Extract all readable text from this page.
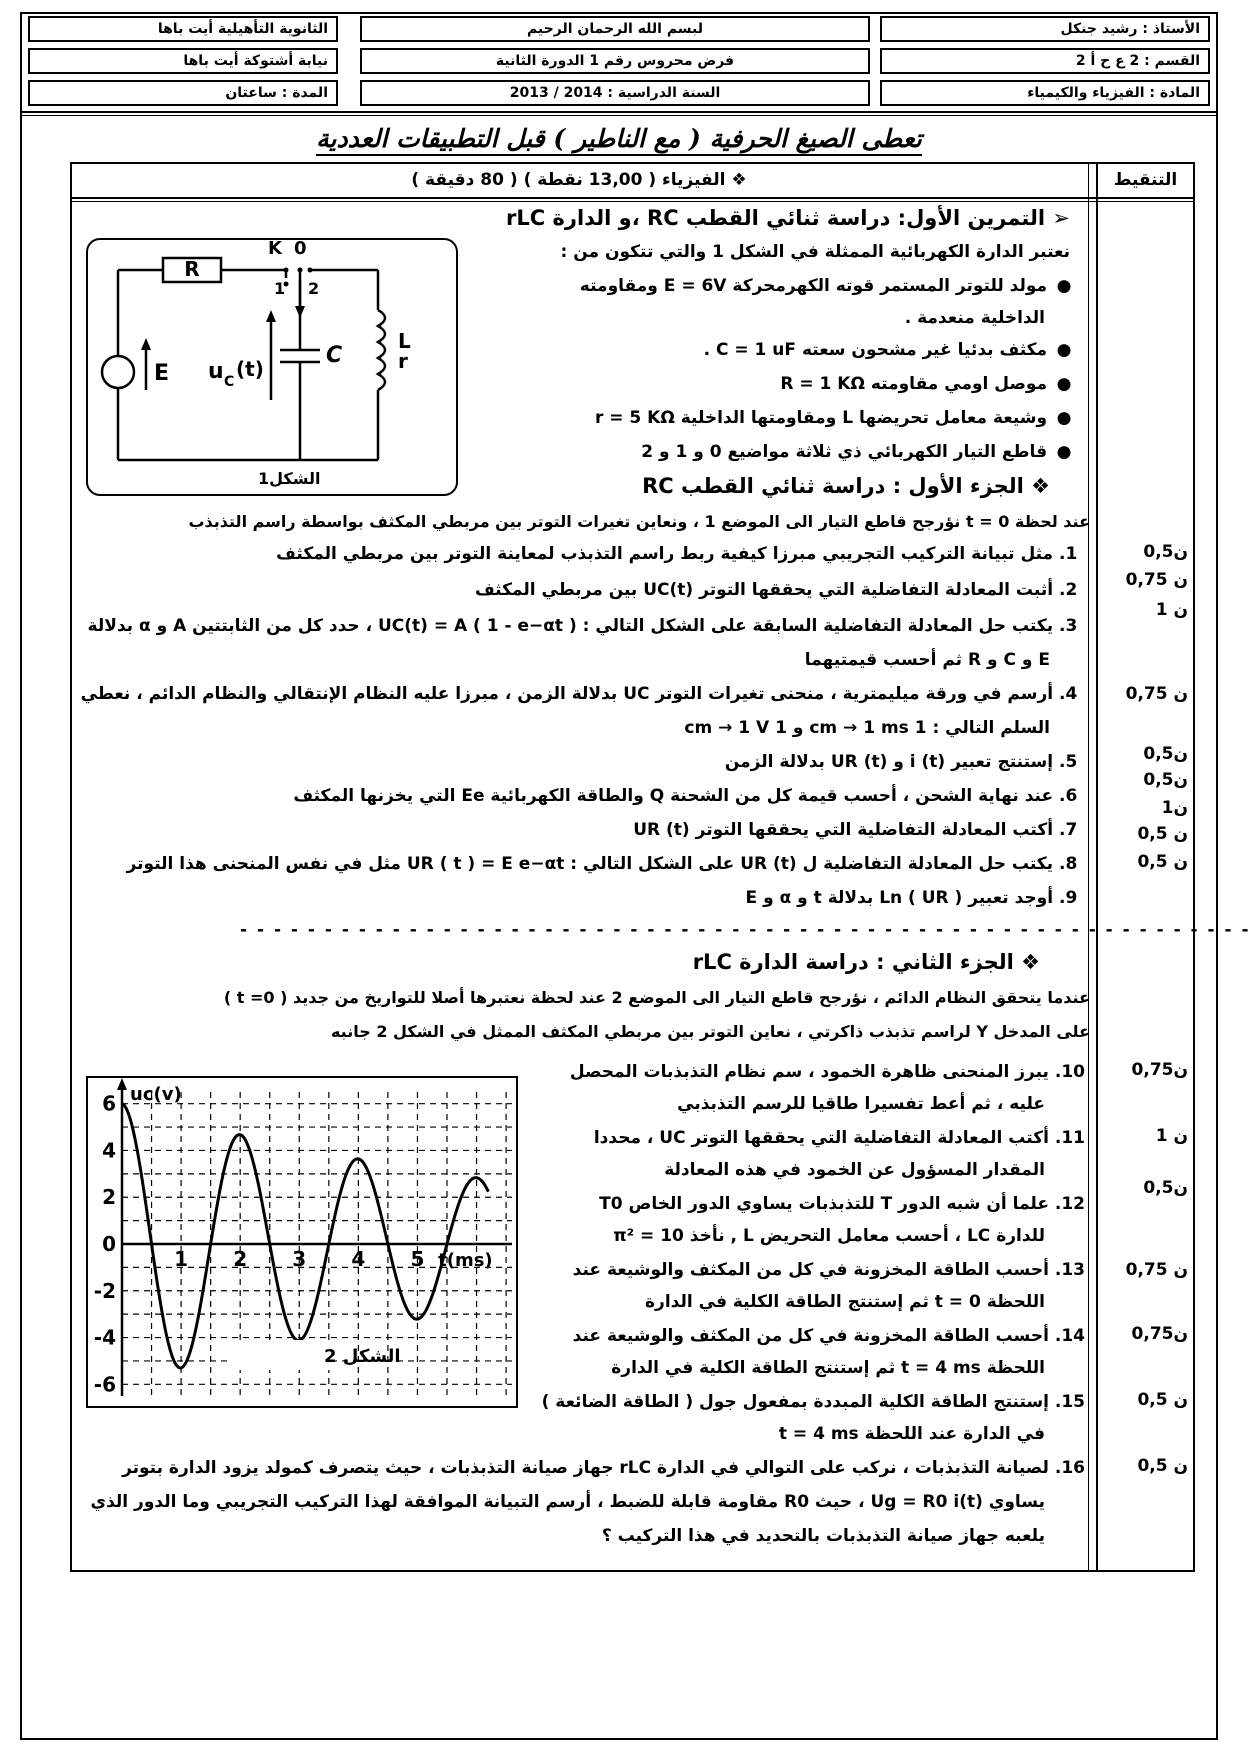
الأستاذ : رشيد جنكل
لبسم الله الرحمان الرحيم
الثانوية التأهيلية أيت باها
القسم : 2 ع ح أ 2
فرض محروس رقم 1 الدورة الثانية
نيابة أشتوكة أيت باها
المادة : الفيزياء والكيمياء
السنة الدراسية : 2014 / 2013
المدة : ساعتان
تعطى الصيغ الحرفية ( مع الناطير ) قبل التطبيقات العددية
❖ الفيزياء ( 13,00 نقطة ) ( 80 دقيقة )	التنقيط
➢ التمرين الأول: دراسة ثنائي القطب RC ،و الدارة rLC
نعتبر الدارة الكهربائية الممثلة في الشكل 1 والتي تتكون من :
● مولد للتوتر المستمر قوته الكهرمحركة E = 6V ومقاومته
الداخلية منعدمة .
● مكثف بدئيا غير مشحون سعته C = 1 uF .
● موصل اومي مقاومته R = 1 KΩ
● وشيعة معامل تحريضها L ومقاومتها الداخلية r = 5 KΩ
● قاطع التيار الكهربائي ذي ثلاثة مواضيع 0 و 1 و 2
❖ الجزء الأول : دراسة ثنائي القطب RC
عند لحظة t = 0 نؤرجح قاطع التيار الى الموضع 1 ، ونعاين تغيرات التوتر بين مربطي المكثف بواسطة راسم التذبذب
1. مثل تبيانة التركيب التجريبي مبرزا كيفية ربط راسم التذبذب لمعاينة التوتر بين مربطي المكثف
2. أثبت المعادلة التفاضلية التي يحققها التوتر UC(t) بين مربطي المكثف
3. يكتب حل المعادلة التفاضلية السابقة على الشكل التالي : ( UC(t) = A ( 1 - e−αt ، حدد كل من الثابتتين A و α بدلالة
E و C و R ثم أحسب قيمتيهما
4. أرسم في ورقة ميليمترية ، منحنى تغيرات التوتر UC بدلالة الزمن ، مبرزا عليه النظام الإنتقالي والنظام الدائم ، نعطي
السلم التالي : 1 cm → 1 ms و 1 cm → 1 V
5. إستنتج تعبير i (t) و UR (t) بدلالة الزمن
6. عند نهاية الشحن ، أحسب قيمة كل من الشحنة Q والطاقة الكهربائية Ee التي يخزنها المكثف
7. أكتب المعادلة التفاضلية التي يحققها التوتر UR (t)
8. يكتب حل المعادلة التفاضلية ل UR (t) على الشكل التالي : UR ( t ) = E e−αt مثل في نفس المنحنى هذا التوتر
9. أوجد تعبير Ln ( UR ) بدلالة t و α و E
- - - - - - - - - - - - - - - - - - - - - - - - - - - - - - - - - - - - - - - - - - - - - - - - - - - - - - - - - - - -
❖ الجزء الثاني : دراسة الدارة rLC
عندما يتحقق النظام الدائم ، نؤرجح قاطع التيار الى الموضع 2 عند لحظة نعتبرها أصلا للتواريخ من جديد ( t =0 )
على المدخل Y لراسم تذبذب ذاكرتي ، نعاين التوتر بين مربطي المكثف الممثل في الشكل 2 جانبه
10. يبرز المنحنى ظاهرة الخمود ، سم نظام التذبذبات المحصل
عليه ، ثم أعط تفسيرا طاقيا للرسم التذبذبي
11. أكتب المعادلة التفاضلية التي يحققها التوتر UC ، محددا
المقدار المسؤول عن الخمود في هذه المعادلة
12. علما أن شبه الدور T للتذبذبات يساوي الدور الخاص T0
للدارة LC ، أحسب معامل التحريض L , نأخذ π² = 10
13. أحسب الطاقة المخزونة في كل من المكثف والوشيعة عند
اللحظة t = 0 ثم إستنتج الطاقة الكلية في الدارة
14. أحسب الطاقة المخزونة في كل من المكثف والوشيعة عند
اللحظة t = 4 ms ثم إستنتج الطاقة الكلية في الدارة
15. إستنتج الطاقة الكلية المبددة بمفعول جول ( الطاقة الضائعة )
في الدارة عند اللحظة t = 4 ms
16. لصيانة التذبذبات ، نركب على التوالي في الدارة rLC جهاز صيانة التذبذبات ، حيث يتصرف كمولد يزود الدارة بتوتر
يساوي Ug = R0 i(t) ، حيث R0 مقاومة قابلة للضبط ، أرسم التبيانة الموافقة لهذا التركيب التجريبي وما الدور الذي
يلعبه جهاز صيانة التذبذبات بالتحديد في هذا التركيب ؟
0,5ن
0,75 ن
1 ن
0,75 ن
0,5ن
0,5ن
1ن
0,5 ن
0,5 ن
0,75ن
1 ن
0,5ن
0,75 ن
0,75ن
0,5 ن
0,5 ن
R
K 0
1 2
E u C
(t)
C
L
r
الشكل1
6
4
2
0
-2
-4
-6
1 2 3 4 5
uc(v)
t(ms)
الشكل 2
